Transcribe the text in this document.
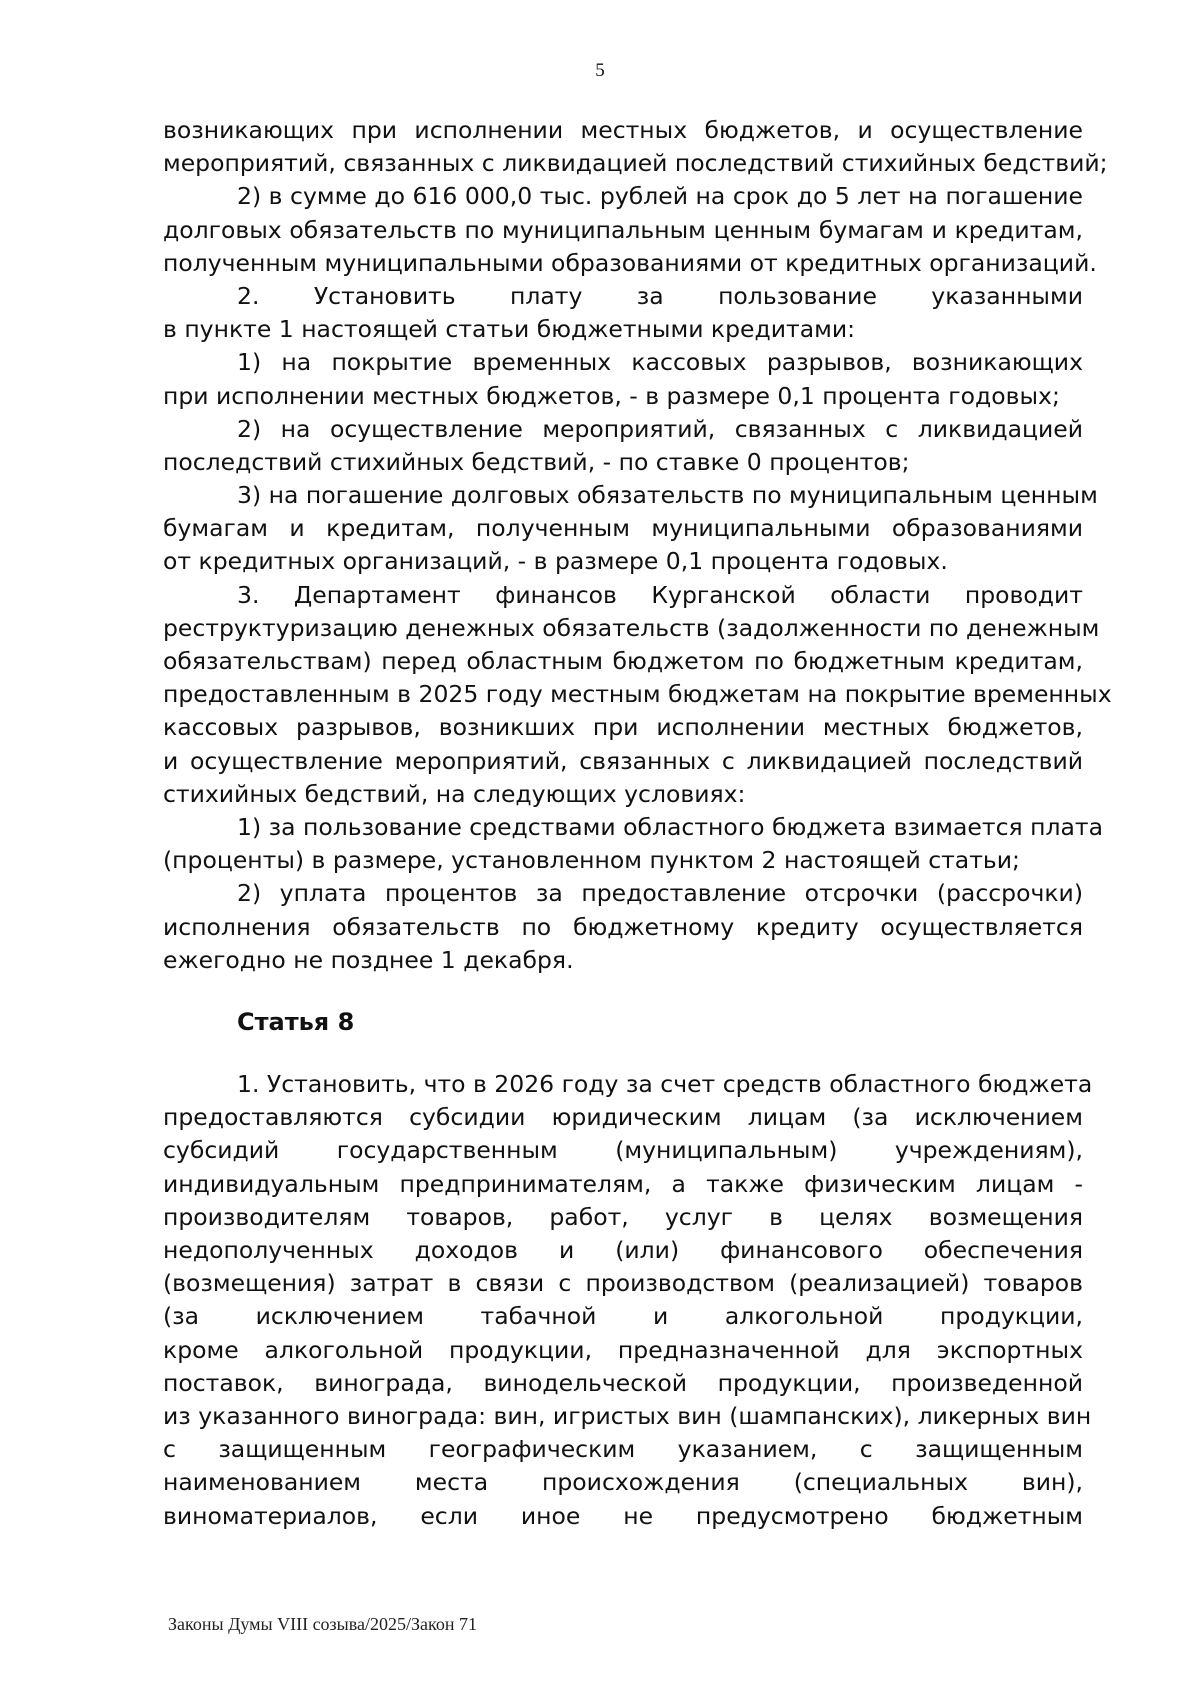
5
возникающих при исполнении местных бюджетов, и осуществление
мероприятий, связанных с ликвидацией последствий стихийных бедствий;
2) в сумме до 616 000,0 тыс. рублей на срок до 5 лет на погашение
долговых обязательств по муниципальным ценным бумагам и кредитам,
полученным муниципальными образованиями от кредитных организаций.
2. Установить плату за пользование указанными
в пункте 1 настоящей статьи бюджетными кредитами:
1) на покрытие временных кассовых разрывов, возникающих
при исполнении местных бюджетов, - в размере 0,1 процента годовых;
2) на осуществление мероприятий, связанных с ликвидацией
последствий стихийных бедствий, - по ставке 0 процентов;
3) на погашение долговых обязательств по муниципальным ценным
бумагам и кредитам, полученным муниципальными образованиями
от кредитных организаций, - в размере 0,1 процента годовых.
3. Департамент финансов Курганской области проводит
реструктуризацию денежных обязательств (задолженности по денежным
обязательствам) перед областным бюджетом по бюджетным кредитам,
предоставленным в 2025 году местным бюджетам на покрытие временных
кассовых разрывов, возникших при исполнении местных бюджетов,
и осуществление мероприятий, связанных с ликвидацией последствий
стихийных бедствий, на следующих условиях:
1) за пользование средствами областного бюджета взимается плата
(проценты) в размере, установленном пунктом 2 настоящей статьи;
2) уплата процентов за предоставление отсрочки (рассрочки)
исполнения обязательств по бюджетному кредиту осуществляется
ежегодно не позднее 1 декабря.
Статья 8
1. Установить, что в 2026 году за счет средств областного бюджета
предоставляются субсидии юридическим лицам (за исключением
субсидий государственным (муниципальным) учреждениям),
индивидуальным предпринимателям, а также физическим лицам -
производителям товаров, работ, услуг в целях возмещения
недополученных доходов и (или) финансового обеспечения
(возмещения) затрат в связи с производством (реализацией) товаров
(за исключением табачной и алкогольной продукции,
кроме алкогольной продукции, предназначенной для экспортных
поставок, винограда, винодельческой продукции, произведенной
из указанного винограда: вин, игристых вин (шампанских), ликерных вин
с защищенным географическим указанием, с защищенным
наименованием места происхождения (специальных вин),
виноматериалов, если иное не предусмотрено бюджетным
Законы Думы VIII созыва/2025/Закон 71
